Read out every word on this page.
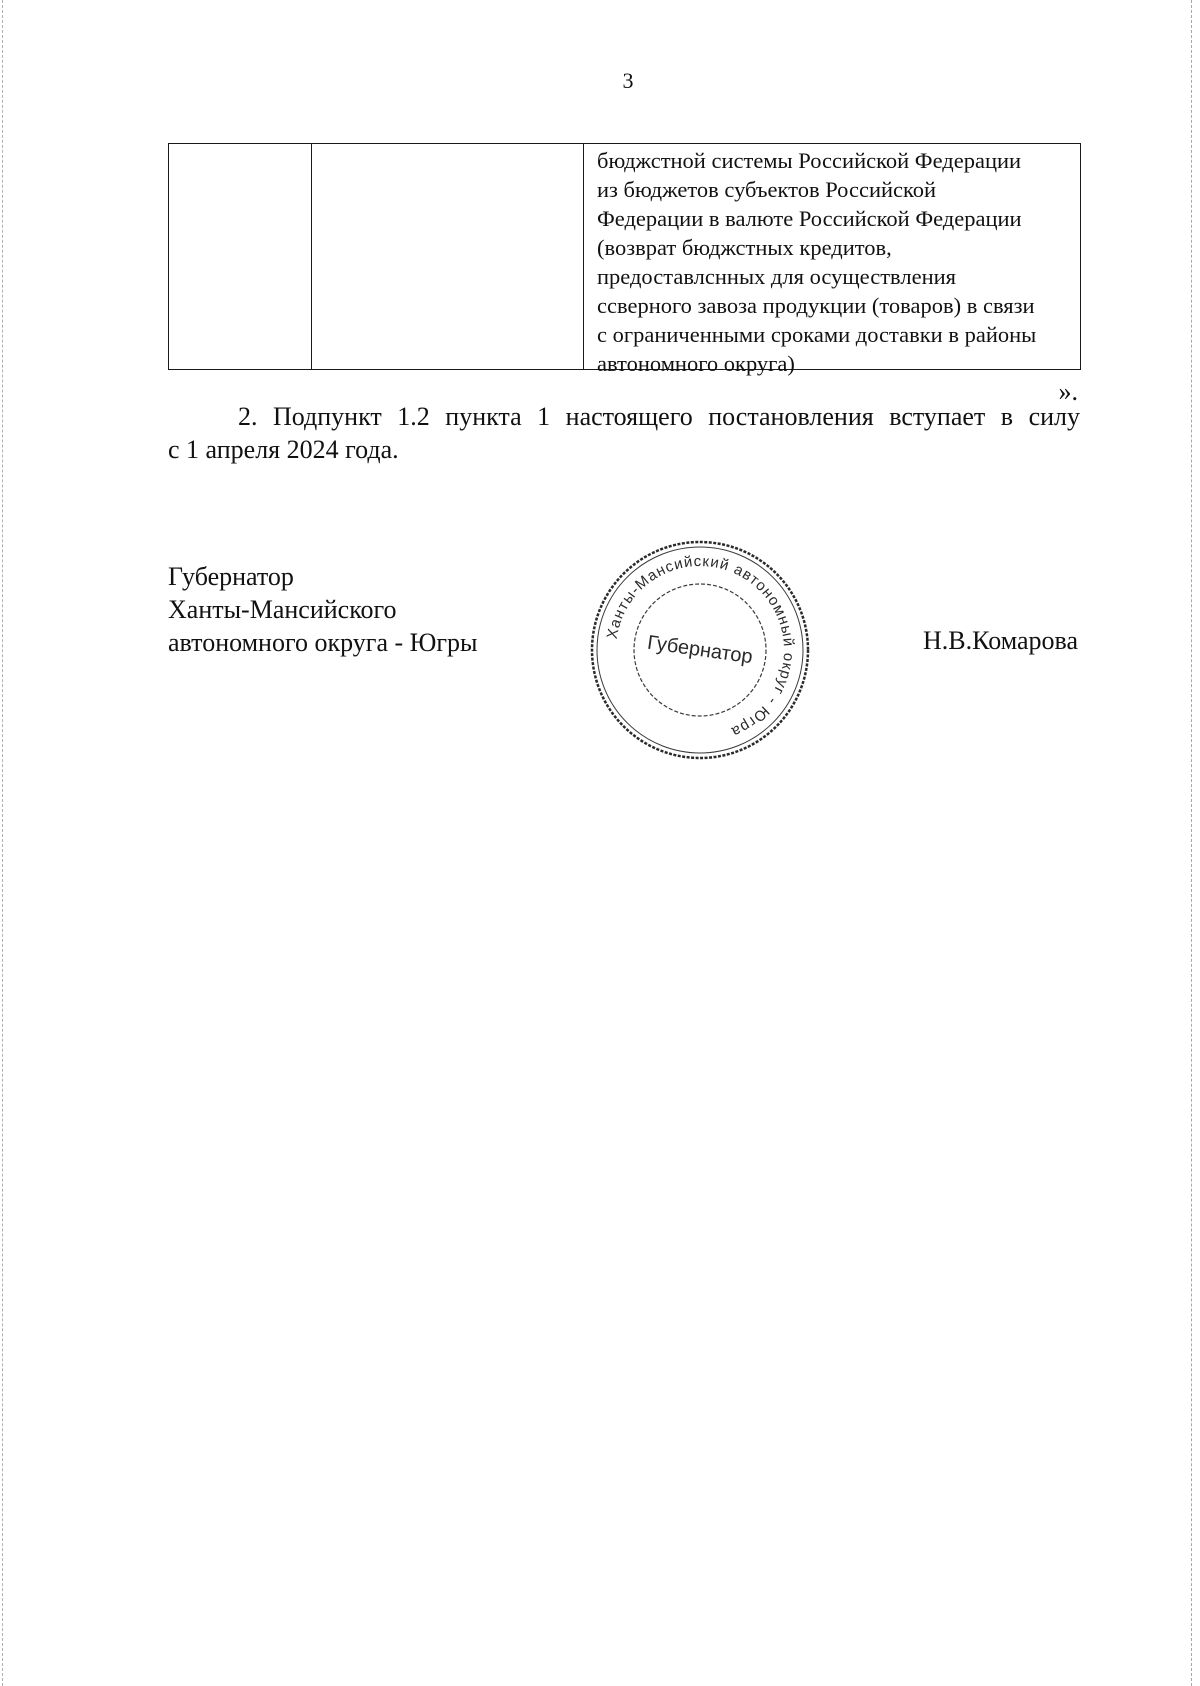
3
бюджстной системы Российской Федерации
из бюджетов субъектов Российской
Федерации в валюте Российской Федерации
(возврат бюджстных кредитов,
предоставлснных для осуществления
ссверного завоза продукции (товаров) в связи
с ограниченными сроками доставки в районы
автономного округа)
».
2. Подпункт 1.2 пункта 1 настоящего постановления вступает в силу
с 1 апреля 2024 года.
Губернатор
Ханты-Мансийского
автономного округа - Югры	Ханты-Мансийский автономный округ - Югра
Губернатор	Н.В.Комарова
